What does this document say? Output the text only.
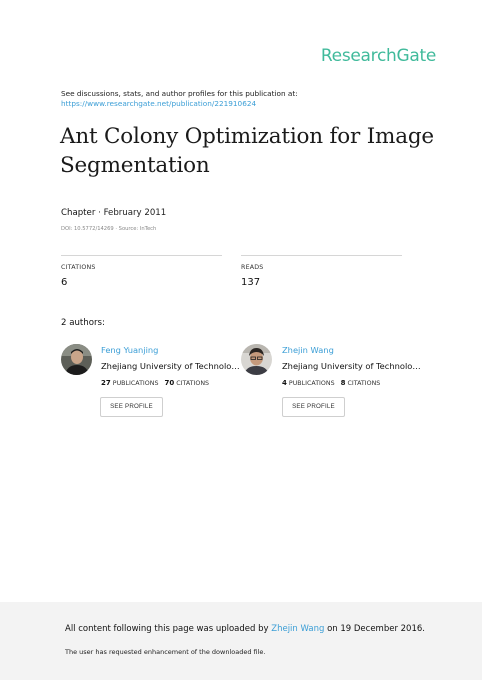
ResearchGate
See discussions, stats, and author profiles for this publication at:
https://www.researchgate.net/publication/221910624
Ant Colony Optimization for Image Segmentation
Chapter · February 2011
DOI: 10.5772/14269 · Source: InTech
CITATIONS
6
READS
137
2 authors:
Feng Yuanjing
Zhejiang University of Technolo…
27 PUBLICATIONS 70 CITATIONS
SEE PROFILE
Zhejin Wang
Zhejiang University of Technolo…
4 PUBLICATIONS 8 CITATIONS
SEE PROFILE
All content following this page was uploaded by Zhejin Wang on 19 December 2016.
The user has requested enhancement of the downloaded file.
